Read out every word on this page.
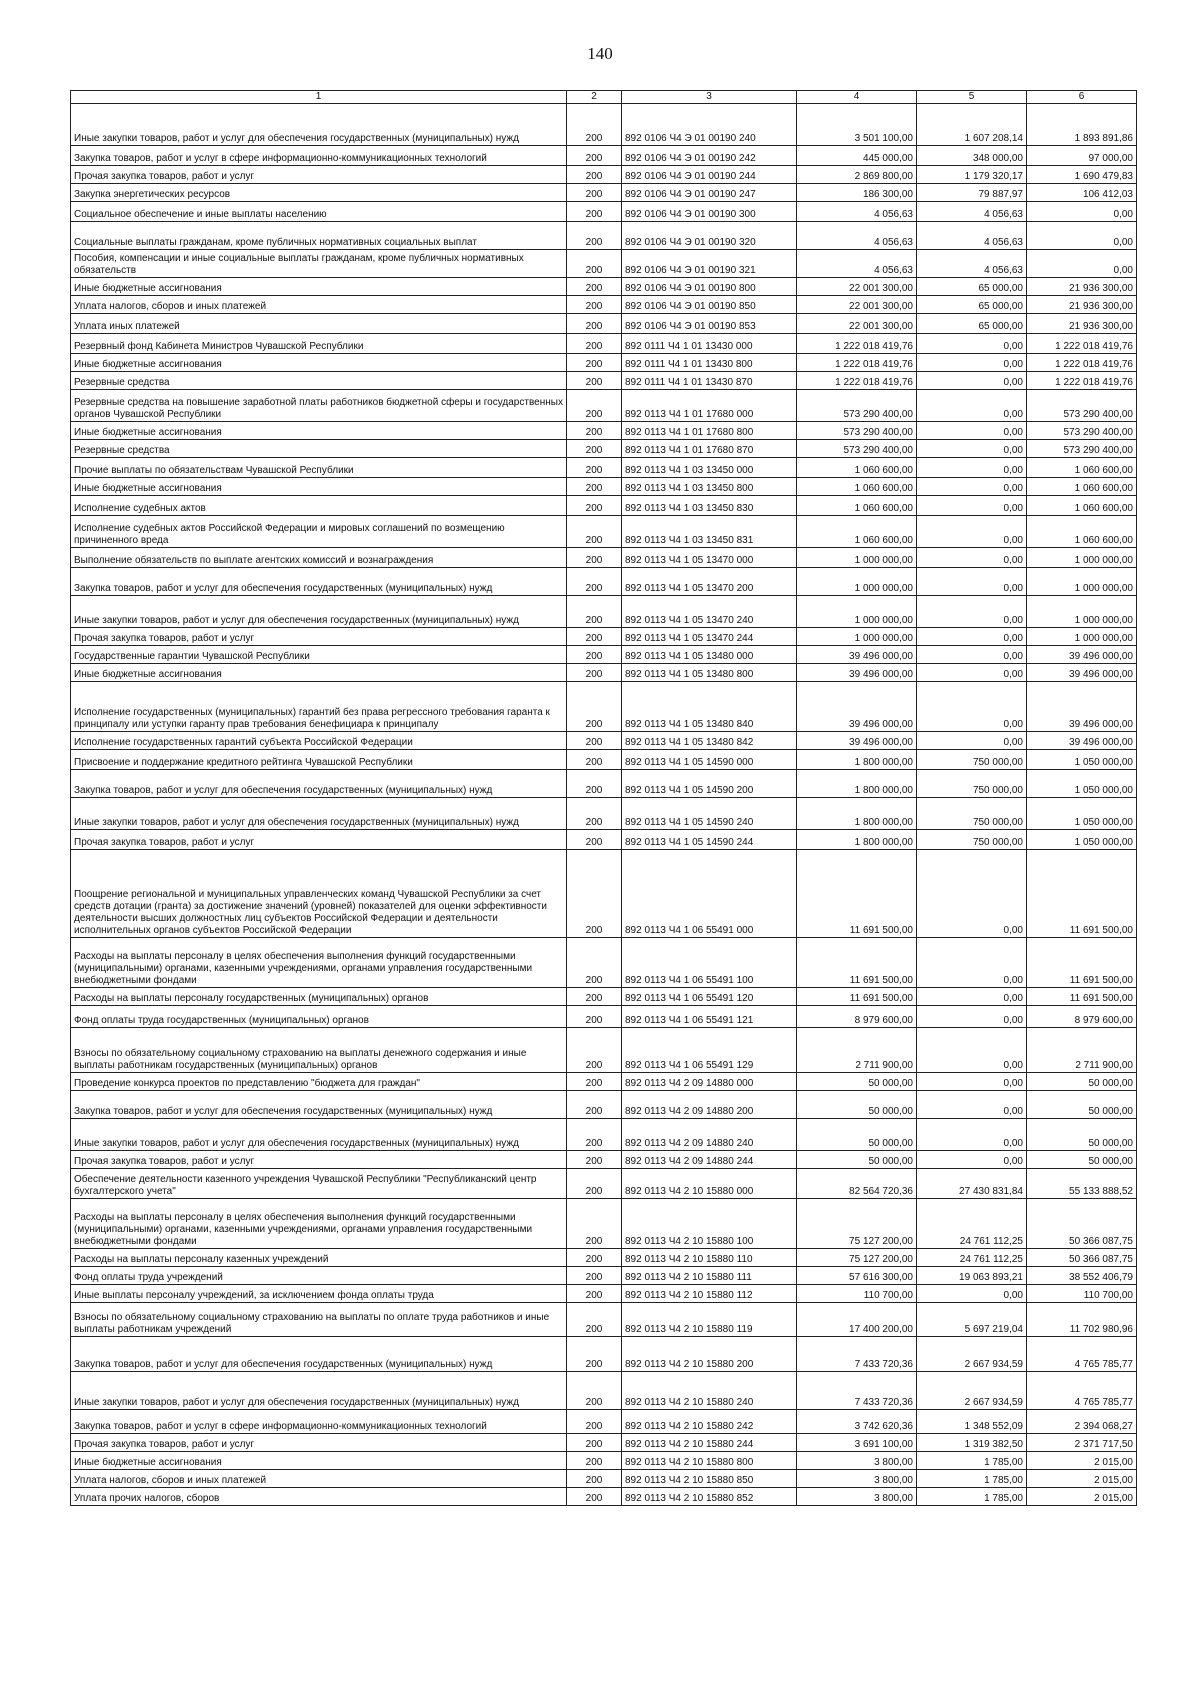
140
1	2	3	4	5	6
Иные закупки товаров, работ и услуг для обеспечения государственных (муниципальных) нужд	200	892 0106 Ч4 Э 01 00190 240	3 501 100,00	1 607 208,14	1 893 891,86
Закупка товаров, работ и услуг в сфере информационно-коммуникационных технологий	200	892 0106 Ч4 Э 01 00190 242	445 000,00	348 000,00	97 000,00
Прочая закупка товаров, работ и услуг	200	892 0106 Ч4 Э 01 00190 244	2 869 800,00	1 179 320,17	1 690 479,83
Закупка энергетических ресурсов	200	892 0106 Ч4 Э 01 00190 247	186 300,00	79 887,97	106 412,03
Социальное обеспечение и иные выплаты населению	200	892 0106 Ч4 Э 01 00190 300	4 056,63	4 056,63	0,00
Социальные выплаты гражданам, кроме публичных нормативных социальных выплат	200	892 0106 Ч4 Э 01 00190 320	4 056,63	4 056,63	0,00
Пособия, компенсации и иные социальные выплаты гражданам, кроме публичных нормативных обязательств	200	892 0106 Ч4 Э 01 00190 321	4 056,63	4 056,63	0,00
Иные бюджетные ассигнования	200	892 0106 Ч4 Э 01 00190 800	22 001 300,00	65 000,00	21 936 300,00
Уплата налогов, сборов и иных платежей	200	892 0106 Ч4 Э 01 00190 850	22 001 300,00	65 000,00	21 936 300,00
Уплата иных платежей	200	892 0106 Ч4 Э 01 00190 853	22 001 300,00	65 000,00	21 936 300,00
Резервный фонд Кабинета Министров Чувашской Республики	200	892 0111 Ч4 1 01 13430 000	1 222 018 419,76	0,00	1 222 018 419,76
Иные бюджетные ассигнования	200	892 0111 Ч4 1 01 13430 800	1 222 018 419,76	0,00	1 222 018 419,76
Резервные средства	200	892 0111 Ч4 1 01 13430 870	1 222 018 419,76	0,00	1 222 018 419,76
Резервные средства на повышение заработной платы работников бюджетной сферы и государственных органов Чувашской Республики	200	892 0113 Ч4 1 01 17680 000	573 290 400,00	0,00	573 290 400,00
Иные бюджетные ассигнования	200	892 0113 Ч4 1 01 17680 800	573 290 400,00	0,00	573 290 400,00
Резервные средства	200	892 0113 Ч4 1 01 17680 870	573 290 400,00	0,00	573 290 400,00
Прочие выплаты по обязательствам Чувашской Республики	200	892 0113 Ч4 1 03 13450 000	1 060 600,00	0,00	1 060 600,00
Иные бюджетные ассигнования	200	892 0113 Ч4 1 03 13450 800	1 060 600,00	0,00	1 060 600,00
Исполнение судебных актов	200	892 0113 Ч4 1 03 13450 830	1 060 600,00	0,00	1 060 600,00
Исполнение судебных актов Российской Федерации и мировых соглашений по возмещению причиненного вреда	200	892 0113 Ч4 1 03 13450 831	1 060 600,00	0,00	1 060 600,00
Выполнение обязательств по выплате агентских комиссий и вознаграждения	200	892 0113 Ч4 1 05 13470 000	1 000 000,00	0,00	1 000 000,00
Закупка товаров, работ и услуг для обеспечения государственных (муниципальных) нужд	200	892 0113 Ч4 1 05 13470 200	1 000 000,00	0,00	1 000 000,00
Иные закупки товаров, работ и услуг для обеспечения государственных (муниципальных) нужд	200	892 0113 Ч4 1 05 13470 240	1 000 000,00	0,00	1 000 000,00
Прочая закупка товаров, работ и услуг	200	892 0113 Ч4 1 05 13470 244	1 000 000,00	0,00	1 000 000,00
Государственные гарантии Чувашской Республики	200	892 0113 Ч4 1 05 13480 000	39 496 000,00	0,00	39 496 000,00
Иные бюджетные ассигнования	200	892 0113 Ч4 1 05 13480 800	39 496 000,00	0,00	39 496 000,00
Исполнение государственных (муниципальных) гарантий без права регрессного требования гаранта к принципалу или уступки гаранту прав требования бенефициара к принципалу	200	892 0113 Ч4 1 05 13480 840	39 496 000,00	0,00	39 496 000,00
Исполнение государственных гарантий субъекта Российской Федерации	200	892 0113 Ч4 1 05 13480 842	39 496 000,00	0,00	39 496 000,00
Присвоение и поддержание кредитного рейтинга Чувашской Республики	200	892 0113 Ч4 1 05 14590 000	1 800 000,00	750 000,00	1 050 000,00
Закупка товаров, работ и услуг для обеспечения государственных (муниципальных) нужд	200	892 0113 Ч4 1 05 14590 200	1 800 000,00	750 000,00	1 050 000,00
Иные закупки товаров, работ и услуг для обеспечения государственных (муниципальных) нужд	200	892 0113 Ч4 1 05 14590 240	1 800 000,00	750 000,00	1 050 000,00
Прочая закупка товаров, работ и услуг	200	892 0113 Ч4 1 05 14590 244	1 800 000,00	750 000,00	1 050 000,00
Поощрение региональной и муниципальных управленческих команд Чувашской Республики за счет средств дотации (гранта) за достижение значений (уровней) показателей для оценки эффективности деятельности высших должностных лиц субъектов Российской Федерации и деятельности исполнительных органов субъектов Российской Федерации	200	892 0113 Ч4 1 06 55491 000	11 691 500,00	0,00	11 691 500,00
Расходы на выплаты персоналу в целях обеспечения выполнения функций государственными (муниципальными) органами, казенными учреждениями, органами управления государственными внебюджетными фондами	200	892 0113 Ч4 1 06 55491 100	11 691 500,00	0,00	11 691 500,00
Расходы на выплаты персоналу государственных (муниципальных) органов	200	892 0113 Ч4 1 06 55491 120	11 691 500,00	0,00	11 691 500,00
Фонд оплаты труда государственных (муниципальных) органов	200	892 0113 Ч4 1 06 55491 121	8 979 600,00	0,00	8 979 600,00
Взносы по обязательному социальному страхованию на выплаты денежного содержания и иные выплаты работникам государственных (муниципальных) органов	200	892 0113 Ч4 1 06 55491 129	2 711 900,00	0,00	2 711 900,00
Проведение конкурса проектов по представлению "бюджета для граждан"	200	892 0113 Ч4 2 09 14880 000	50 000,00	0,00	50 000,00
Закупка товаров, работ и услуг для обеспечения государственных (муниципальных) нужд	200	892 0113 Ч4 2 09 14880 200	50 000,00	0,00	50 000,00
Иные закупки товаров, работ и услуг для обеспечения государственных (муниципальных) нужд	200	892 0113 Ч4 2 09 14880 240	50 000,00	0,00	50 000,00
Прочая закупка товаров, работ и услуг	200	892 0113 Ч4 2 09 14880 244	50 000,00	0,00	50 000,00
Обеспечение деятельности казенного учреждения Чувашской Республики "Республиканский центр бухгалтерского учета"	200	892 0113 Ч4 2 10 15880 000	82 564 720,36	27 430 831,84	55 133 888,52
Расходы на выплаты персоналу в целях обеспечения выполнения функций государственными (муниципальными) органами, казенными учреждениями, органами управления государственными внебюджетными фондами	200	892 0113 Ч4 2 10 15880 100	75 127 200,00	24 761 112,25	50 366 087,75
Расходы на выплаты персоналу казенных учреждений	200	892 0113 Ч4 2 10 15880 110	75 127 200,00	24 761 112,25	50 366 087,75
Фонд оплаты труда учреждений	200	892 0113 Ч4 2 10 15880 111	57 616 300,00	19 063 893,21	38 552 406,79
Иные выплаты персоналу учреждений, за исключением фонда оплаты труда	200	892 0113 Ч4 2 10 15880 112	110 700,00	0,00	110 700,00
Взносы по обязательному социальному страхованию на выплаты по оплате труда работников и иные выплаты работникам учреждений	200	892 0113 Ч4 2 10 15880 119	17 400 200,00	5 697 219,04	11 702 980,96
Закупка товаров, работ и услуг для обеспечения государственных (муниципальных) нужд	200	892 0113 Ч4 2 10 15880 200	7 433 720,36	2 667 934,59	4 765 785,77
Иные закупки товаров, работ и услуг для обеспечения государственных (муниципальных) нужд	200	892 0113 Ч4 2 10 15880 240	7 433 720,36	2 667 934,59	4 765 785,77
Закупка товаров, работ и услуг в сфере информационно-коммуникационных технологий	200	892 0113 Ч4 2 10 15880 242	3 742 620,36	1 348 552,09	2 394 068,27
Прочая закупка товаров, работ и услуг	200	892 0113 Ч4 2 10 15880 244	3 691 100,00	1 319 382,50	2 371 717,50
Иные бюджетные ассигнования	200	892 0113 Ч4 2 10 15880 800	3 800,00	1 785,00	2 015,00
Уплата налогов, сборов и иных платежей	200	892 0113 Ч4 2 10 15880 850	3 800,00	1 785,00	2 015,00
Уплата прочих налогов, сборов	200	892 0113 Ч4 2 10 15880 852	3 800,00	1 785,00	2 015,00
